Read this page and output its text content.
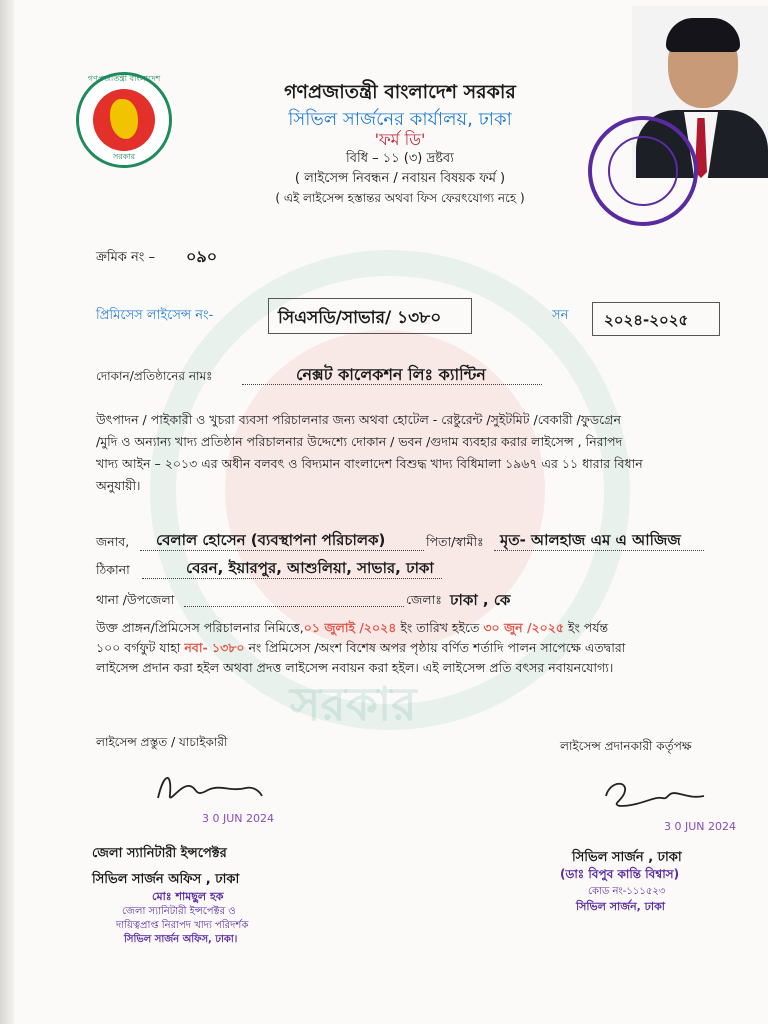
সরকার
গণপ্রজাতন্ত্রী বাংলাদেশ
সরকার
গণপ্রজাতন্ত্রী বাংলাদেশ সরকার
সিভিল সার্জনের কার্যালয়, ঢাকা
'ফর্ম ডি'
বিধি – ১১ (৩) দ্রষ্টব্য
( লাইসেন্স নিবন্ধন / নবায়ন বিষয়ক ফর্ম )
( এই লাইসেন্স হস্তান্তর অথবা ফিস ফেরৎযোগ্য নহে )
ক্রমিক নং – ০৯০
প্রিমিসেস লাইসেন্স নং-	সিএসডি/সাভার/ ১৩৮০	সন ২০২৪-২০২৫
দোকান/প্রতিষ্ঠানের নামঃ	নেক্সট কালেকশন লিঃ ক্যান্টিন
উৎপাদন / পাইকারী ও খুচরা ব্যবসা পরিচালনার জন্য অথবা হোটেল - রেষ্টুরেন্ট /সুইটমিট /বেকারী /ফুডগ্রেন
/মুদি ও অন্যান্য খাদ্য প্রতিষ্ঠান পরিচালনার উদ্দেশ্যে দোকান / ভবন /গুদাম ব্যবহার করার লাইসেন্স , নিরাপদ
খাদ্য আইন – ২০১৩ এর অধীন বলবৎ ও বিদ্যমান বাংলাদেশ বিশুদ্ধ খাদ্য বিধিমালা ১৯৬৭ এর ১১ ধারার বিধান
অনুযায়ী।
জনাব, বেলাল হোসেন (ব্যবস্থাপনা পরিচালক)	পিতা/স্বামীঃ মৃত- আলহাজ এম এ আজিজ
ঠিকানা	বেরন, ইয়ারপুর, আশুলিয়া, সাভার, ঢাকা
থানা /উপজেলা	জেলাঃ ঢাকা , কে
উক্ত প্রাঙ্গন/প্রিমিসেস পরিচালনার নিমিত্তে,০১ জুলাই /২০২৪ ইং তারিখ হইতে ৩০ জুন /২০২৫ ইং পর্যন্ত
১০০ বর্গফুট যাহা নবা- ১৩৮০ নং প্রিমিসেস /অংশ বিশেষ অপর পৃষ্ঠায় বর্ণিত শর্তাদি পালন সাপেক্ষে এতদ্বারা
লাইসেন্স প্রদান করা হইল অথবা প্রদত্ত লাইসেন্স নবায়ন করা হইল। এই লাইসেন্স প্রতি বৎসর নবায়নযোগ্য।
লাইসেন্স প্রস্তুত / যাচাইকারী
3 0 JUN 2024
জেলা স্যানিটারী ইন্সপেক্টর
সিভিল সার্জন অফিস , ঢাকা
মোঃ শামছুল হক
জেলা স্যানিটারী ইন্সপেক্টর ও
দায়িত্বপ্রাপ্ত নিরাপদ খাদ্য পরিদর্শক
সিভিল সার্জন অফিস, ঢাকা।
লাইসেন্স প্রদানকারী কর্তৃপক্ষ
3 0 JUN 2024
সিভিল সার্জন , ঢাকা
(ডাঃ বিপুব কান্তি বিশ্বাস)
কোড নং-১১১৫২৩
সিভিল সার্জন, ঢাকা
